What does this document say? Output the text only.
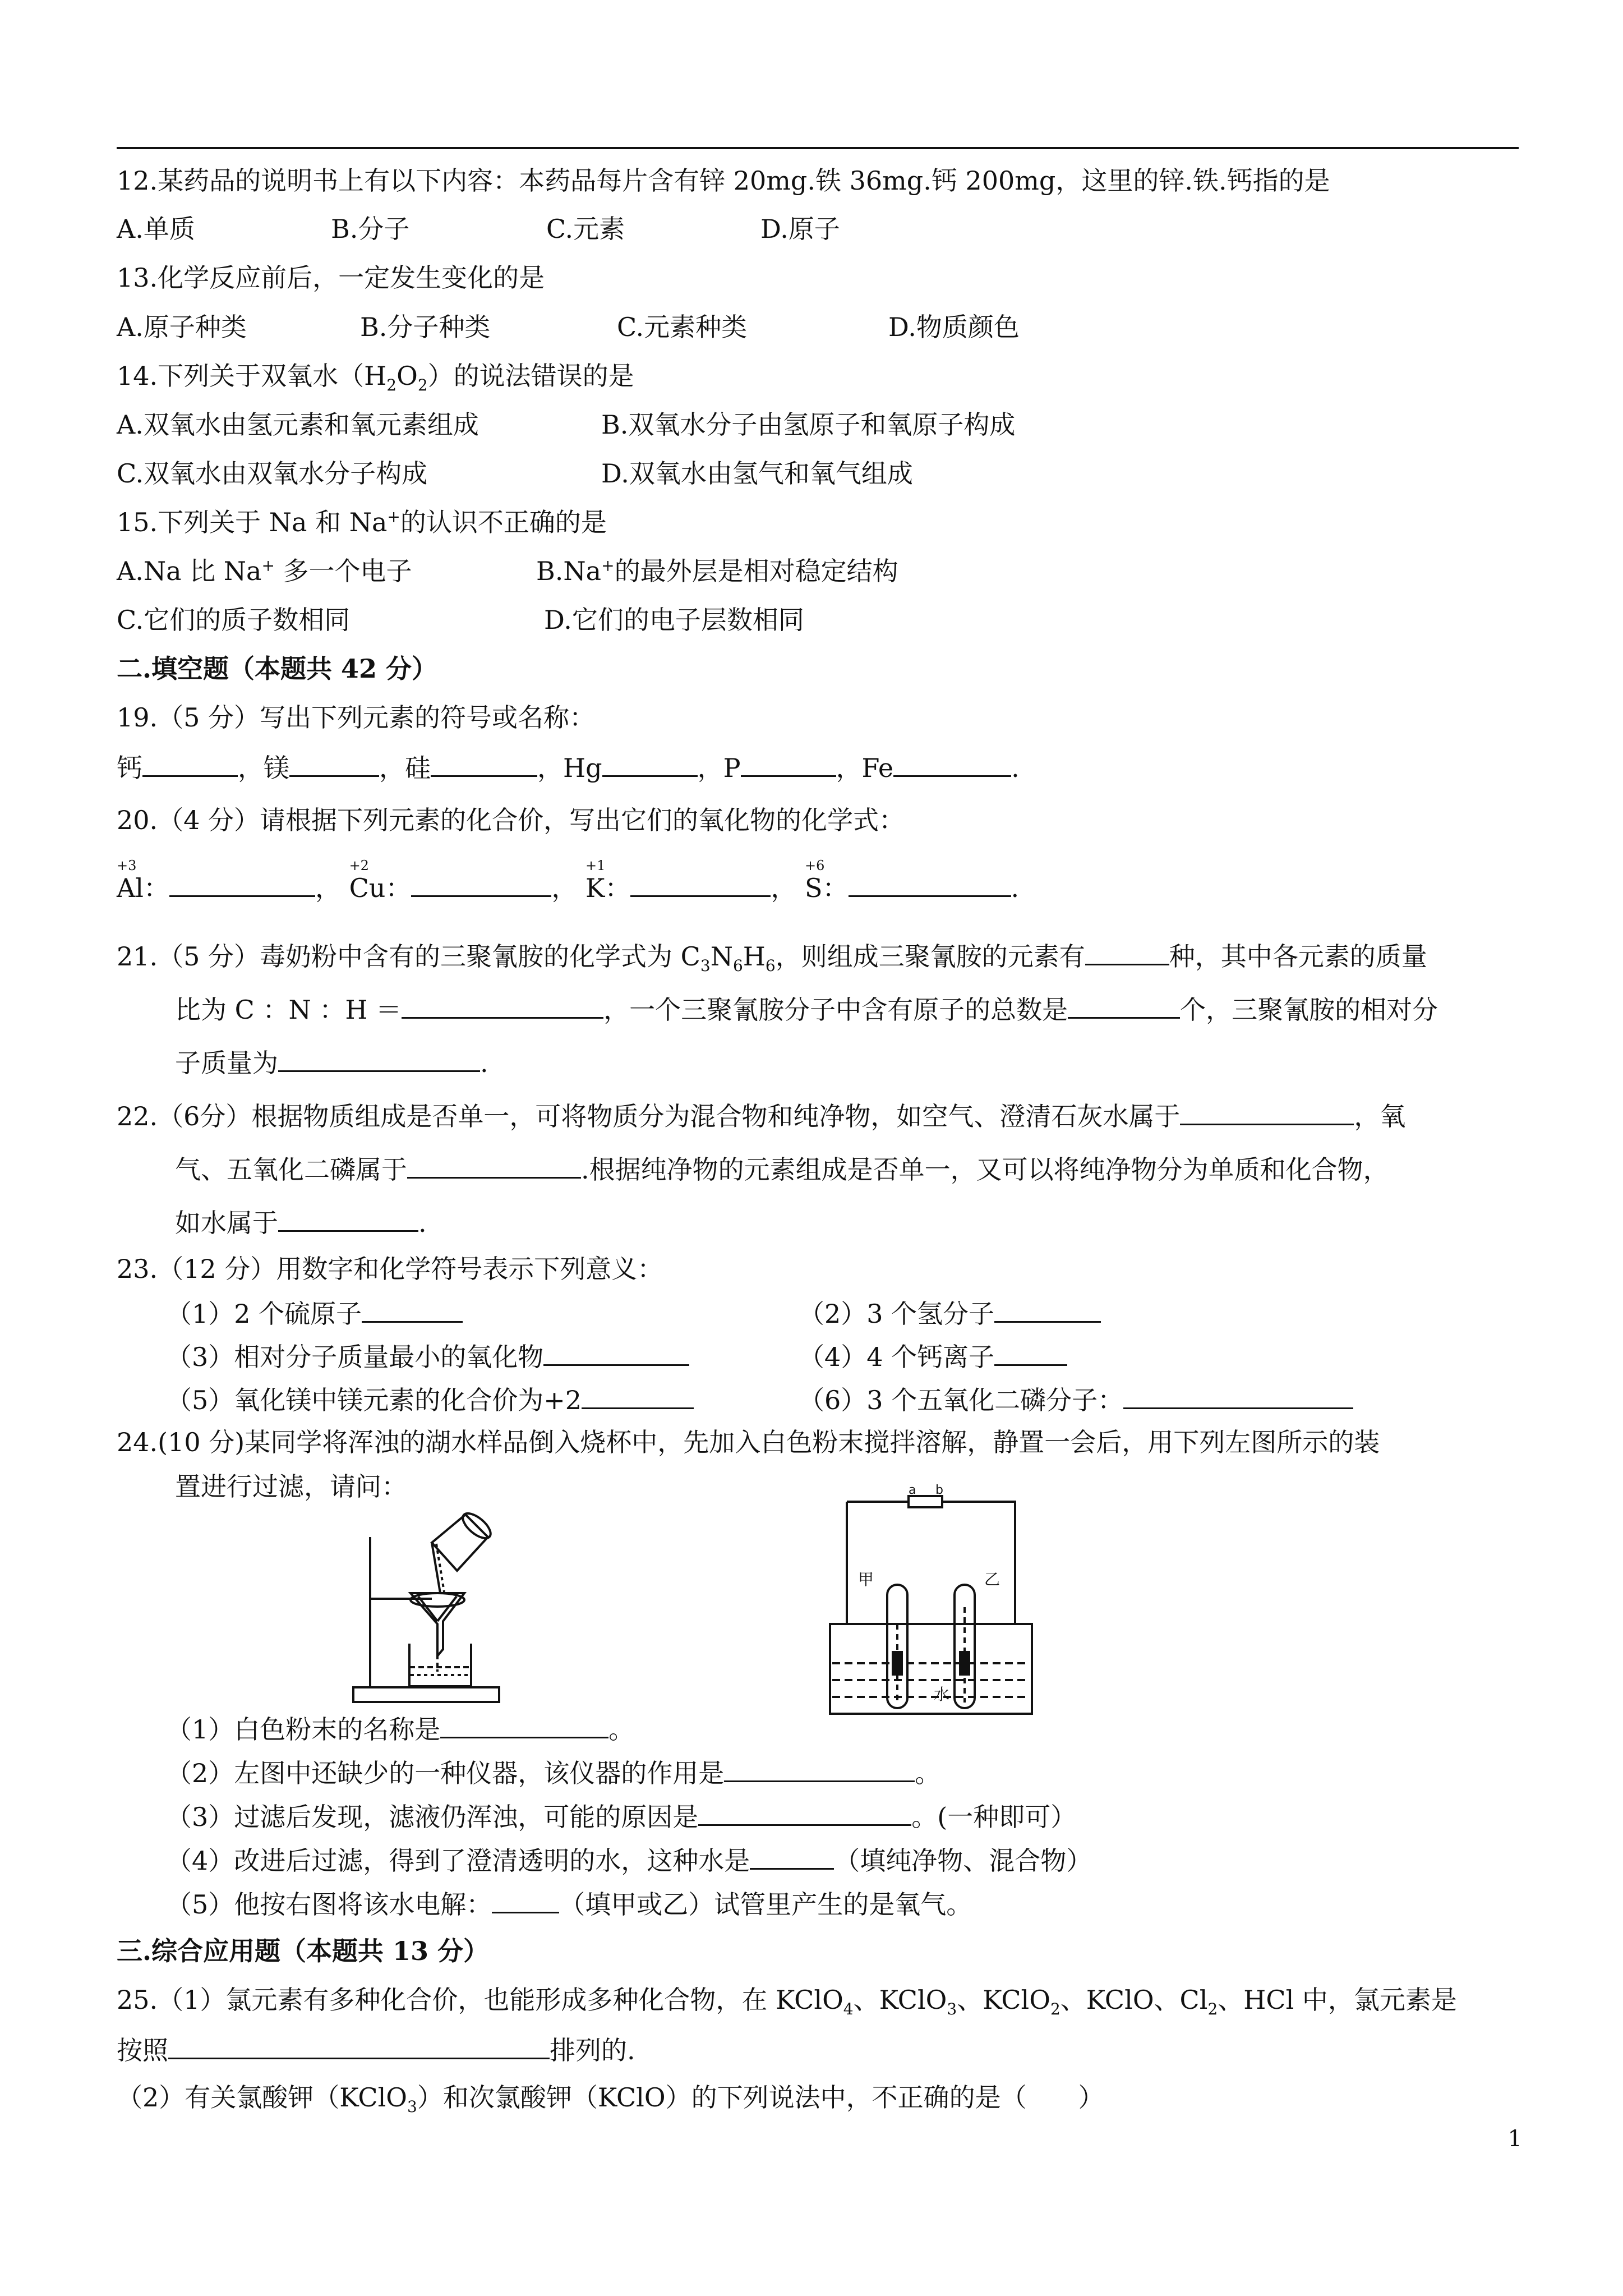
12.某药品的说明书上有以下内容：本药品每片含有锌 20mg.铁 36mg.钙 200mg，这里的锌.铁.钙指的是
A.单质	B.分子	C.元素	D.原子
13.化学反应前后，一定发生变化的是
A.原子种类	B.分子种类	C.元素种类	D.物质颜色
14.下列关于双氧水$(H_2O_2)$的说法错误的是
A.双氧水由氢元素和氧元素组成	B.双氧水分子由氢原子和氧原子构成
C.双氧水由双氧水分子构成	D.双氧水由氢气和氧气组成
15.下列关于 Na 和 Na+的认识不正确的是
A.Na 比 Na+ 多一个电子	B.Na+的最外层是相对稳定结构
C.它们的质子数相同	D.它们的电子层数相同
二.填空题（本题共 42 分）
19.（5 分）写出下列元素的符号或名称：
钙	，镁	，硅	，Hg	，P	，Fe	.
20.（4 分）请根据下列元素的化合价，写出它们的氧化物的化学式：
+3
Al：	，
+2
Cu：	，
+1
K：	，
+6
S：	.
21.（5 分）毒奶粉中含有的三聚氰胺的化学式为 $C_3N_6H_6$，则组成三聚氰胺的元素有	种，其中各元素的质量
比为 C ：N ：H ＝	，一个三聚氰胺分子中含有原子的总数是	个，三聚氰胺的相对分
子质量为	.
22.（6分）根据物质组成是否单一，可将物质分为混合物和纯净物，如空气、澄清石灰水属于	，氧
气、五氧化二磷属于	.根据纯净物的元素组成是否单一，又可以将纯净物分为单质和化合物，
如水属于	.
23.（12 分）用数字和化学符号表示下列意义：
（1）2 个硫原子	（2）3 个氢分子
（3）相对分子质量最小的氧化物	（4）4 个钙离子
（5）氧化镁中镁元素的化合价为+2	（6）3 个五氧化二磷分子：
24.(10 分)某同学将浑浊的湖水样品倒入烧杯中，先加入白色粉末搅拌溶解，静置一会后，用下列左图所示的装
置进行过滤，请问：	a b
甲	乙
水
（1）白色粉末的名称是	。
（2）左图中还缺少的一种仪器，该仪器的作用是	。
（3）过滤后发现，滤液仍浑浊，可能的原因是	。(一种即可）
（4）改进后过滤，得到了澄清透明的水，这种水是	（填纯净物、混合物）
（5）他按右图将该水电解：	（填甲或乙）试管里产生的是氧气。
三.综合应用题（本题共 13 分）
25.（1）氯元素有多种化合价，也能形成多种化合物，在 KClO$_4$、KClO$_3$、KClO$_2$、KClO、$Cl_2$、HCl 中，氯元素是
按照	排列的.
（2）有关氯酸钾（KClO$_3$）和次氯酸钾（KClO）的下列说法中，不正确的是（　　）
1
